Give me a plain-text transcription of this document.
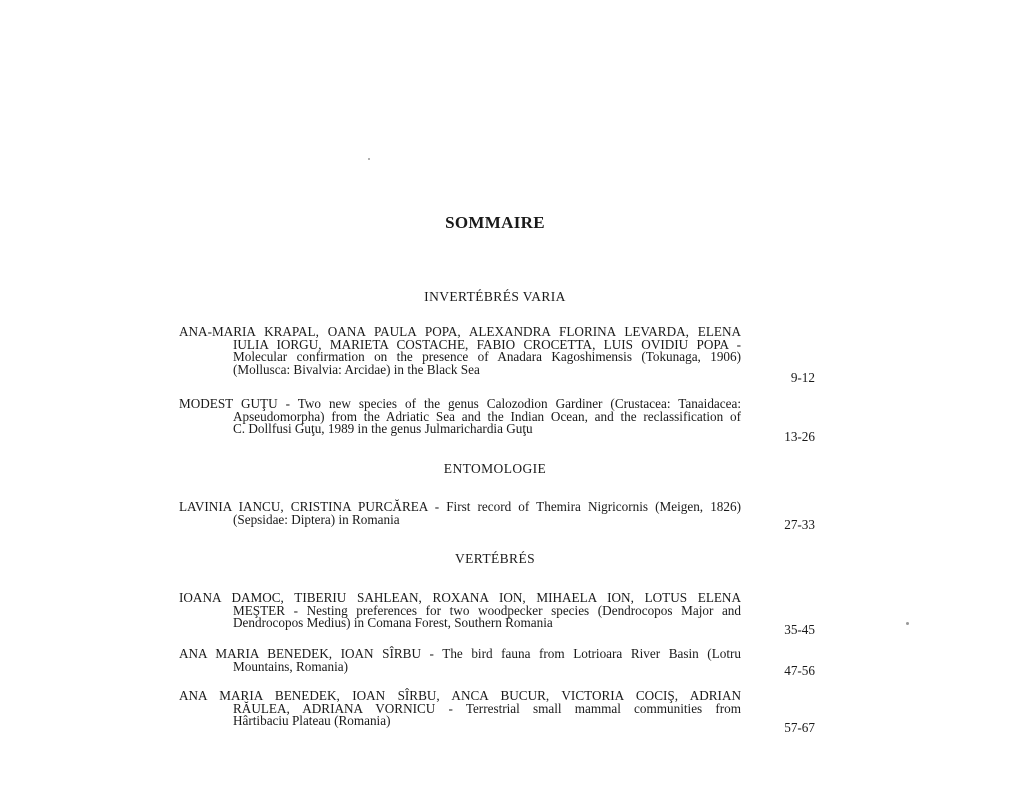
SOMMAIRE
INVERTÉBRÉS VARIA
ANA-MARIA KRAPAL, OANA PAULA POPA, ALEXANDRA FLORINA LEVARDA, ELENA
IULIA IORGU, MARIETA COSTACHE, FABIO CROCETTA, LUIS OVIDIU POPA -
Molecular confirmation on the presence of Anadara Kagoshimensis (Tokunaga, 1906)
(Mollusca: Bivalvia: Arcidae) in the Black Sea
9-12
MODEST GUŢU - Two new species of the genus Calozodion Gardiner (Crustacea: Tanaidacea:
Apseudomorpha) from the Adriatic Sea and the Indian Ocean, and the reclassification of
C. Dollfusi Guţu, 1989 in the genus Julmarichardia Guţu
13-26
ENTOMOLOGIE
LAVINIA IANCU, CRISTINA PURCĂREA - First record of Themira Nigricornis (Meigen, 1826)
(Sepsidae: Diptera) in Romania	27-33
VERTÉBRÉS
IOANA DAMOC, TIBERIU SAHLEAN, ROXANA ION, MIHAELA ION, LOTUS ELENA
MEŞTER - Nesting preferences for two woodpecker species (Dendrocopos Major and
Dendrocopos Medius) in Comana Forest, Southern Romania	35-45
ANA MARIA BENEDEK, IOAN SÎRBU - The bird fauna from Lotrioara River Basin (Lotru
Mountains, Romania)	47-56
ANA MARIA BENEDEK, IOAN SÎRBU, ANCA BUCUR, VICTORIA COCIŞ, ADRIAN
RĂULEA, ADRIANA VORNICU - Terrestrial small mammal communities from
Hârtibaciu Plateau (Romania)	57-67
